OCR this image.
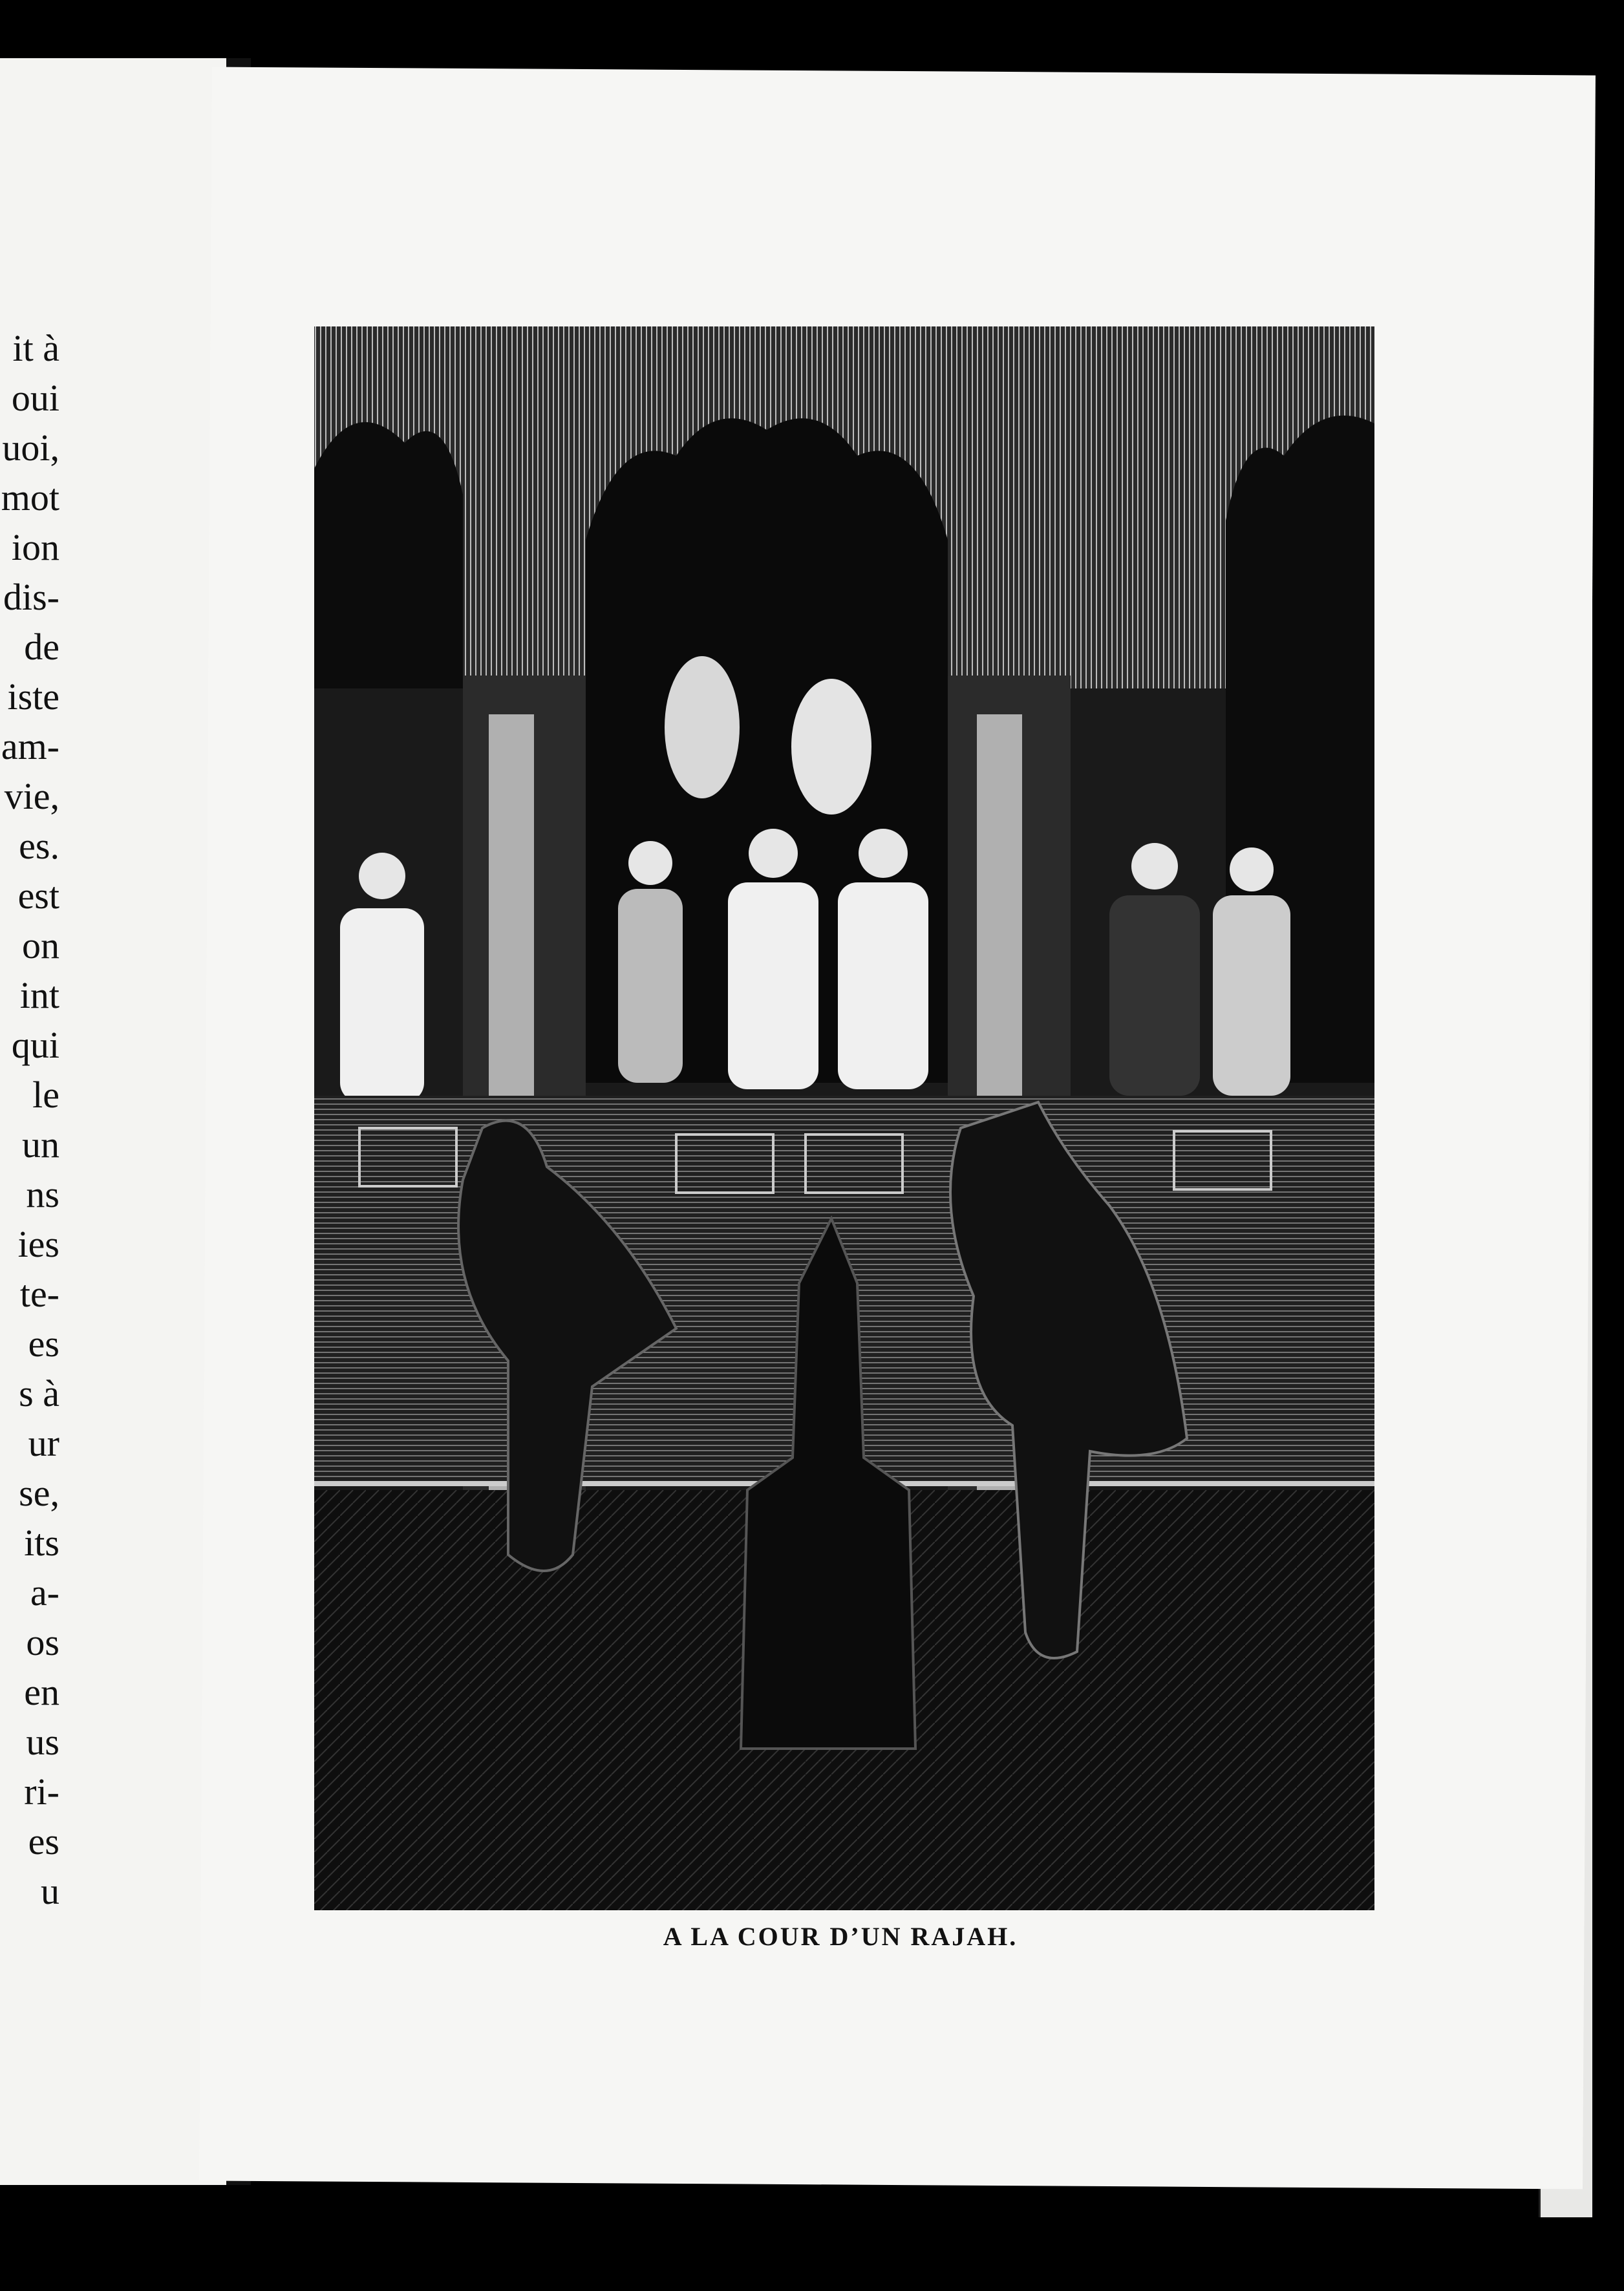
it à
oui
uoi,
mot
ion
dis-
de
iste
am-
vie,
es.
est
on
int
qui
le
un
ns
ies
te-
es
s à
ur
se,
its
a-
os
en
us
ri-
es
u
A LA COUR D’UN RAJAH.
